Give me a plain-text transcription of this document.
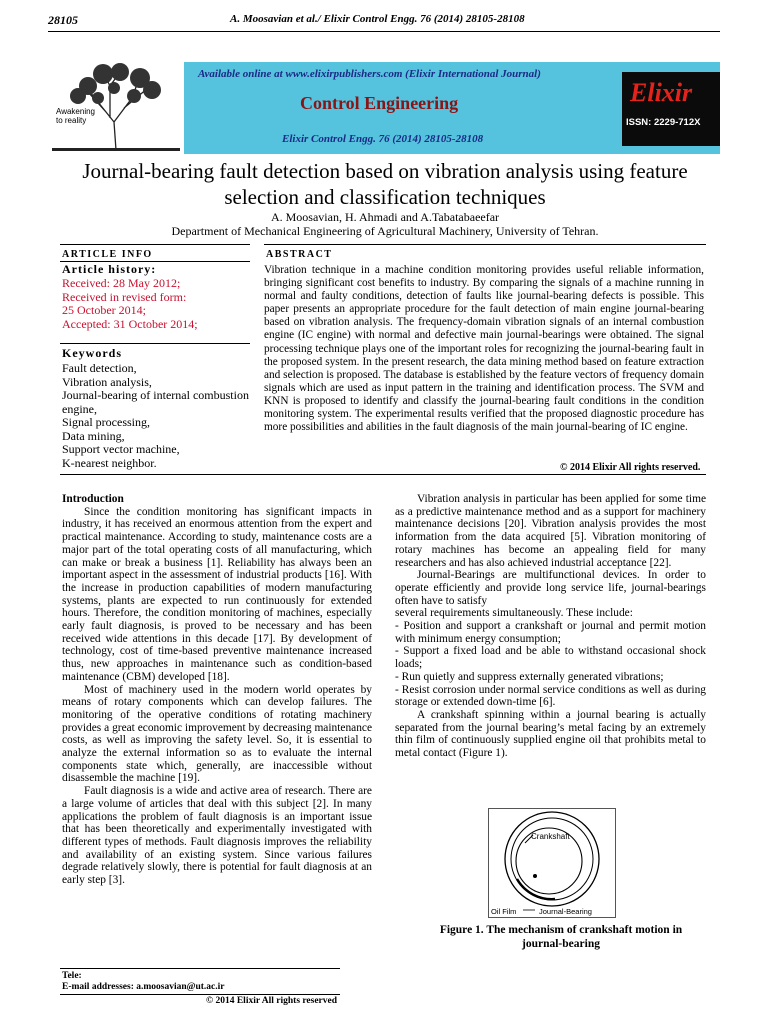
28105	A. Moosavian et al./ Elixir Control Engg. 76 (2014) 28105-28108
Awakening
to reality
Available online at www.elixirpublishers.com (Elixir International Journal)
Control Engineering
Elixir Control Engg. 76 (2014) 28105-28108
Elixir
ISSN: 2229-712X
Journal-bearing fault detection based on vibration analysis using feature
selection and classification techniques
A. Moosavian, H. Ahmadi and A.Tabatabaeefar
Department of Mechanical Engineering of Agricultural Machinery, University of Tehran.
ARTICLE INFO
Article history:
Received: 28 May 2012;
Received in revised form:
25 October 2014;
Accepted: 31 October 2014;
Keywords
Fault detection,
Vibration analysis,
Journal-bearing of internal combustion
engine,
Signal processing,
Data mining,
Support vector machine,
K-nearest neighbor.
ABSTRACT
Vibration technique in a machine condition monitoring provides useful reliable information, bringing significant cost benefits to industry. By comparing the signals of a machine running in normal and faulty conditions, detection of faults like journal-bearing defects is possible. This paper presents an appropriate procedure for the fault detection of main engine journal-bearing based on vibration analysis. The frequency-domain vibration signals of an internal combustion engine (IC engine) with normal and defective main journal-bearings were obtained. The signal processing technique plays one of the important roles for recognizing the journal-bearing fault in the proposed system. In the present research, the data mining method based on feature extraction and selection is proposed. The database is established by the feature vectors of frequency domain signals which are used as input pattern in the training and identification process. The SVM and KNN is proposed to identify and classify the journal-bearing fault conditions in the condition monitoring system. The experimental results verified that the proposed diagnostic procedure has more possibilities and abilities in the fault diagnosis of the main journal-bearing of IC engine.
© 2014 Elixir All rights reserved.

Introduction

Since the condition monitoring has significant impacts in industry, it has received an enormous attention from the expert and practical maintenance. According to study, maintenance costs are a major part of the total operating costs of all manufacturing, which can make or break a business [1]. Reliability has always been an important aspect in the assessment of industrial products [16]. With the increase in production capabilities of modern manufacturing systems, plants are expected to run continuously for extended hours. Therefore, the condition monitoring of machines, especially early fault diagnosis, is proved to be necessary and has been received wide attentions in this decade [17]. By development of technology, cost of time-based preventive maintenance increased thus, new approaches in maintenance such as condition-based maintenance (CBM) developed [18].

Most of machinery used in the modern world operates by means of rotary components which can develop failures. The monitoring of the operative conditions of rotating machinery provides a great economic improvement by decreasing maintenance costs, as well as improving the safety level. So, it is essential to analyze the external information so as to evaluate the internal components state which, generally, are inaccessible without disassemble the machine [19].

Fault diagnosis is a wide and active area of research. There are a large volume of articles that deal with this subject [2]. In many applications the problem of fault diagnosis is an important issue that has been theoretically and experimentally investigated with different types of methods. Fault diagnosis improves the reliability and availability of an existing system. Since various failures degrade relatively slowly, there is potential for fault diagnosis at an early step [3].

Vibration analysis in particular has been applied for some time as a predictive maintenance method and as a support for machinery maintenance decisions [20]. Vibration analysis provides the most information from the data acquired [5]. Vibration monitoring of rotary machines has become an appealing field for many researchers and has also achieved industrial acceptance [22].

Journal-Bearings are multifunctional devices. In order to operate efficiently and provide long service life, journal-bearings often have to satisfy

several requirements simultaneously. These include:

- Position and support a crankshaft or journal and permit motion with minimum energy consumption;

- Support a fixed load and be able to withstand occasional shock loads;

- Run quietly and suppress externally generated vibrations;

- Resist corrosion under normal service conditions as well as during storage or extended down-time [6].

A crankshaft spinning within a journal bearing is actually separated from the journal bearing’s metal facing by an extremely thin film of continuously supplied engine oil that prohibits metal to metal contact (Figure 1).

Crankshaft
Oil Film	Journal-Bearing
Figure 1. The mechanism of crankshaft motion in
journal-bearing
Tele:
E-mail addresses: a.moosavian@ut.ac.ir
© 2014 Elixir All rights reserved
